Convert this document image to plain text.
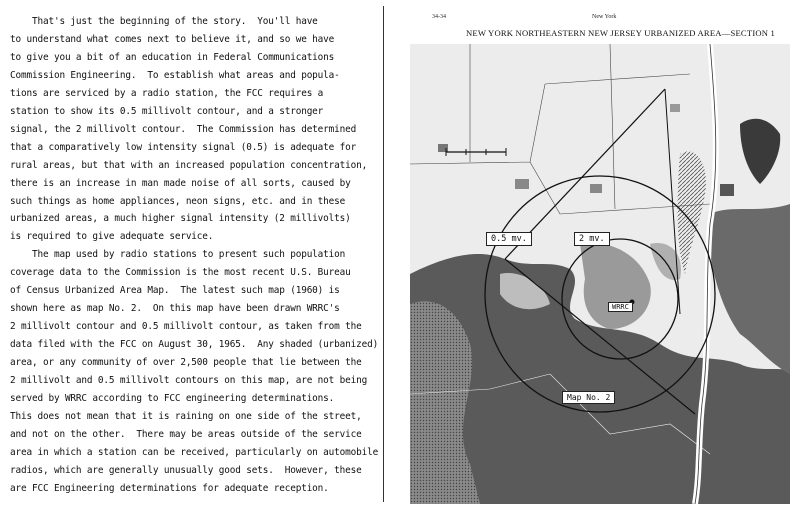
That's just the beginning of the story.  You'll have
to understand what comes next to believe it, and so we have
to give you a bit of an education in Federal Communications
Commission Engineering.  To establish what areas and popula-
tions are serviced by a radio station, the FCC requires a
station to show its 0.5 millivolt contour, and a stronger
signal, the 2 millivolt contour.  The Commission has determined
that a comparatively low intensity signal (0.5) is adequate for
rural areas, but that with an increased population concentration,
there is an increase in man made noise of all sorts, caused by
such things as home appliances, neon signs, etc. and in these
urbanized areas, a much higher signal intensity (2 millivolts)
is required to give adequate service.
The map used by radio stations to present such population
coverage data to the Commission is the most recent U.S. Bureau
of Census Urbanized Area Map.  The latest such map (1960) is
shown here as map No. 2.  On this map have been drawn WRRC's
2 millivolt contour and 0.5 millivolt contour, as taken from the
data filed with the FCC on August 30, 1965.  Any shaded (urbanized)
area, or any community of over 2,500 people that lie between the
2 millivolt and 0.5 millivolt contours on this map, are not being
served by WRRC according to FCC engineering determinations.
This does not mean that it is raining on one side of the street,
and not on the other.  There may be areas outside of the service
area in which a station can be received, particularly on automobile
radios, which are generally unusually good sets.  However, these
are FCC Engineering determinations for adequate reception.
34-34	New York
NEW YORK NORTHEASTERN NEW JERSEY URBANIZED AREA—SECTION 1
0.5 mv.	2 mv.
WRRC
Map No. 2
